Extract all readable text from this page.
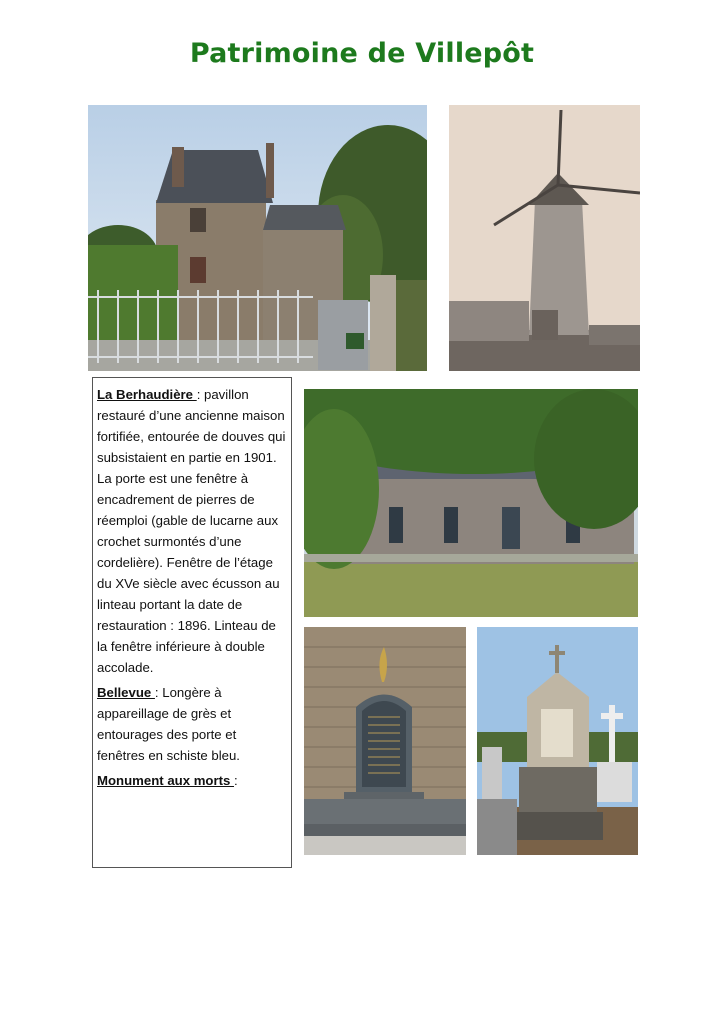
Patrimoine de Villepôt

La Berhaudière : pavillon restauré d’une ancienne maison fortifiée, entourée de douves qui subsistaient en partie en 1901. La porte est une fenêtre à encadrement de pierres de réemploi (gable de lucarne aux crochet surmontés d’une cordelière). Fenêtre de l’étage du XVe siècle avec écusson au linteau portant la date de restauration : 1896. Linteau de la fenêtre inférieure à double accolade.

Bellevue : Longère à appareillage de grès et entourages des porte et fenêtres en schiste bleu.

Monument aux morts :
